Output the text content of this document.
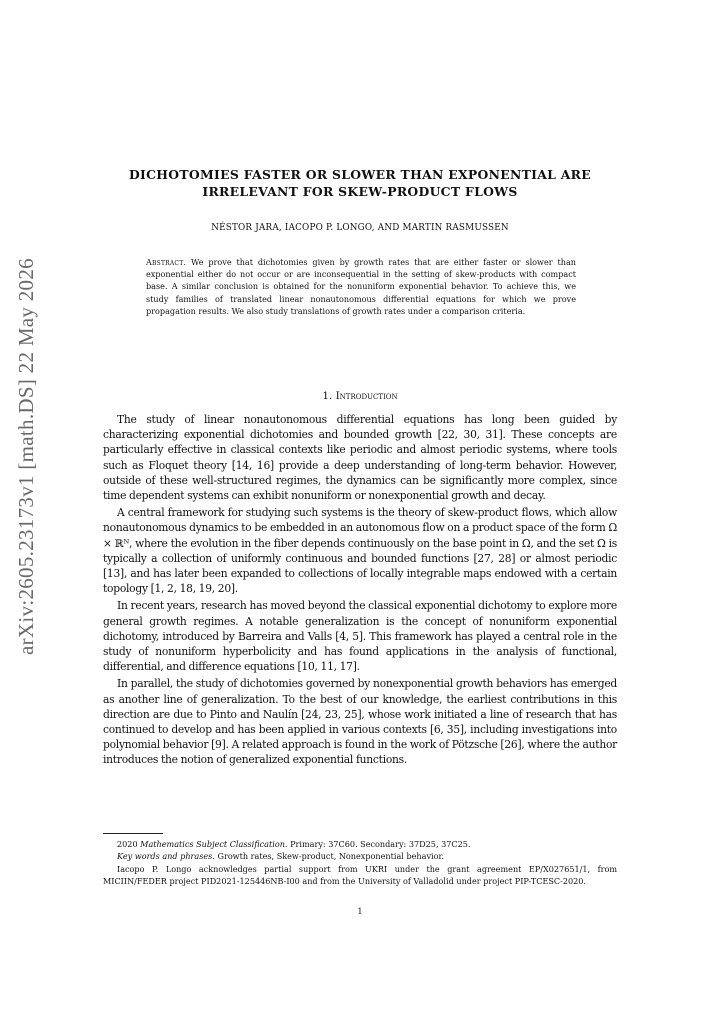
arXiv:2605.23173v1 [math.DS] 22 May 2026
DICHOTOMIES FASTER OR SLOWER THAN EXPONENTIAL ARE
IRRELEVANT FOR SKEW-PRODUCT FLOWS
NÉSTOR JARA, IACOPO P. LONGO, AND MARTIN RASMUSSEN
Abstract. We prove that dichotomies given by growth rates that are either faster or slower than exponential either do not occur or are inconsequential in the setting of skew-products with compact base. A similar conclusion is obtained for the nonuniform exponential behavior. To achieve this, we study families of translated linear nonautonomous differential equations for which we prove propagation results. We also study translations of growth rates under a comparison criteria.
1. Introduction

The study of linear nonautonomous differential equations has long been guided by characterizing exponential dichotomies and bounded growth [22, 30, 31]. These concepts are particularly effective in classical contexts like periodic and almost periodic systems, where tools such as Floquet theory [14, 16] provide a deep understanding of long-term behavior. However, outside of these well-structured regimes, the dynamics can be significantly more complex, since time dependent systems can exhibit nonuniform or nonexponential growth and decay.

A central framework for studying such systems is the theory of skew-product flows, which allow nonautonomous dynamics to be embedded in an autonomous flow on a product space of the form Ω × ℝᴺ, where the evolution in the fiber depends continuously on the base point in Ω, and the set Ω is typically a collection of uniformly continuous and bounded functions [27, 28] or almost periodic [13], and has later been expanded to collections of locally integrable maps endowed with a certain topology [1, 2, 18, 19, 20].

In recent years, research has moved beyond the classical exponential dichotomy to explore more general growth regimes. A notable generalization is the concept of nonuniform exponential dichotomy, introduced by Barreira and Valls [4, 5]. This framework has played a central role in the study of nonuniform hyperbolicity and has found applications in the analysis of functional, differential, and difference equations [10, 11, 17].

In parallel, the study of dichotomies governed by nonexponential growth behaviors has emerged as another line of generalization. To the best of our knowledge, the earliest contributions in this direction are due to Pinto and Naulín [24, 23, 25], whose work initiated a line of research that has continued to develop and has been applied in various contexts [6, 35], including investigations into polynomial behavior [9]. A related approach is found in the work of Pötzsche [26], where the author introduces the notion of generalized exponential functions.

2020 Mathematics Subject Classification. Primary: 37C60. Secondary: 37D25, 37C25.

Key words and phrases. Growth rates, Skew-product, Nonexponential behavior.

Iacopo P. Longo acknowledges partial support from UKRI under the grant agreement EP/X027651/1, from MICIIN/FEDER project PID2021-125446NB-I00 and from the University of Valladolid under project PIP-TCESC-2020.

1
